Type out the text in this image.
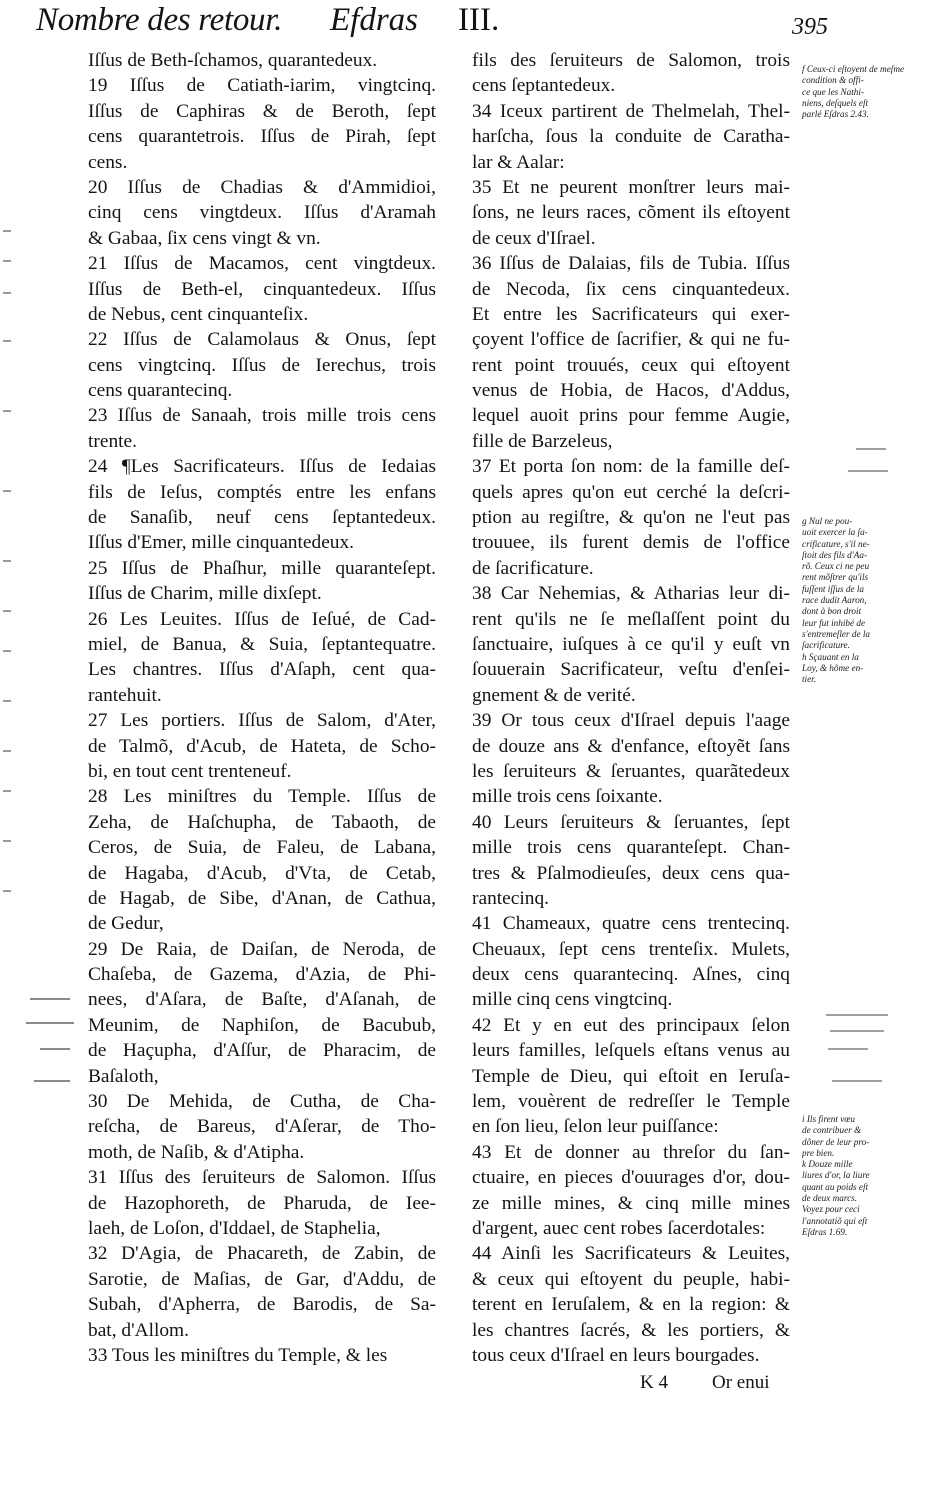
Nombre des retour. Efdras III.	395
Iſſus de Beth-ſchamos, quarantedeux.
19 Iſſus de Catiath-iarim, vingtcinq.
Iſſus de Caphiras & de Beroth, ſept
cens quarantetrois. Iſſus de Pirah, ſept
cens.
20 Iſſus de Chadias & d'Ammidioi,
cinq cens vingtdeux. Iſſus d'Aramah
& Gabaa, ſix cens vingt & vn.
21 Iſſus de Macamos, cent vingtdeux.
Iſſus de Beth-el, cinquantedeux. Iſſus
de Nebus, cent cinquanteſix.
22 Iſſus de Calamolaus & Onus, ſept
cens vingtcinq. Iſſus de Ierechus, trois
cens quarantecinq.
23 Iſſus de Sanaah, trois mille trois cens
trente.
24 ¶Les Sacrificateurs. Iſſus de Iedaias
fils de Ieſus, comptés entre les enfans
de Sanaſib, neuf cens ſeptantedeux.
Iſſus d'Emer, mille cinquantedeux.
25 Iſſus de Phaſhur, mille quaranteſept.
Iſſus de Charim, mille dixſept.
26 Les Leuites. Iſſus de Ieſué, de Cad-
miel, de Banua, & Suia, ſeptantequatre.
Les chantres. Iſſus d'Aſaph, cent qua-
rantehuit.
27 Les portiers. Iſſus de Salom, d'Ater,
de Talmõ, d'Acub, de Hateta, de Scho-
bi, en tout cent trenteneuf.
28 Les miniſtres du Temple. Iſſus de
Zeha, de Haſchupha, de Tabaoth, de
Ceros, de Suia, de Faleu, de Labana,
de Hagaba, d'Acub, d'Vta, de Cetab,
de Hagab, de Sibe, d'Anan, de Cathua,
de Gedur,
29 De Raia, de Daiſan, de Neroda, de
Chaſeba, de Gazema, d'Azia, de Phi-
nees, d'Aſara, de Baſte, d'Aſanah, de
Meunim, de Naphiſon, de Bacubub,
de Haçupha, d'Aſſur, de Pharacim, de
Baſaloth,
30 De Mehida, de Cutha, de Cha-
reſcha, de Bareus, d'Aſerar, de Tho-
moth, de Naſib, & d'Atipha.
31 Iſſus des ſeruiteurs de Salomon. Iſſus
de Hazophoreth, de Pharuda, de Iee-
laeh, de Loſon, d'Iddael, de Staphelia,
32 D'Agia, de Phacareth, de Zabin, de
Sarotie, de Maſias, de Gar, d'Addu, de
Subah, d'Apherra, de Barodis, de Sa-
bat, d'Allom.
33 Tous les miniſtres du Temple, & les
fils des ſeruiteurs de Salomon, trois
cens ſeptantedeux.
34 Iceux partirent de Thelmelah, Thel-
harſcha, ſous la conduite de Caratha-
lar & Aalar:
35 Et ne peurent monſtrer leurs mai-
ſons, ne leurs races, cõment ils eſtoyent
de ceux d'Iſrael.
36 Iſſus de Dalaias, fils de Tubia. Iſſus
de Necoda, ſix cens cinquantedeux.
Et entre les Sacrificateurs qui exer-
çoyent l'office de ſacrifier, & qui ne fu-
rent point trouués, ceux qui eſtoyent
venus de Hobia, de Hacos, d'Addus,
lequel auoit prins pour femme Augie,
fille de Barzeleus,
37 Et porta ſon nom: de la famille deſ-
quels apres qu'on eut cerché la deſcri-
ption au regiſtre, & qu'on ne l'eut pas
trouuee, ils furent demis de l'office
de ſacrificature.
38 Car Nehemias, & Atharias leur di-
rent qu'ils ne ſe meſlaſſent point du
ſanctuaire, iuſques à ce qu'il y euſt vn
ſouuerain Sacrificateur, veſtu d'enſei-
gnement & de verité.
39 Or tous ceux d'Iſrael depuis l'aage
de douze ans & d'enfance, eſtoyẽt ſans
les ſeruiteurs & ſeruantes, quarãtedeux
mille trois cens ſoixante.
40 Leurs ſeruiteurs & ſeruantes, ſept
mille trois cens quaranteſept. Chan-
tres & Pſalmodieuſes, deux cens qua-
rantecinq.
41 Chameaux, quatre cens trentecinq.
Cheuaux, ſept cens trenteſix. Mulets,
deux cens quarantecinq. Aſnes, cinq
mille cinq cens vingtcinq.
42 Et y en eut des principaux ſelon
leurs familles, leſquels eſtans venus au
Temple de Dieu, qui eſtoit en Ieruſa-
lem, vouèrent de redreſſer le Temple
en ſon lieu, ſelon leur puiſſance:
43 Et de donner au threſor du ſan-
ctuaire, en pieces d'ouurages d'or, dou-
ze mille mines, & cinq mille mines
d'argent, auec cent robes ſacerdotales:
44 Ainſi les Sacrificateurs & Leuites,
& ceux qui eſtoyent du peuple, habi-
terent en Ieruſalem, & en la region: &
les chantres ſacrés, & les portiers, &
tous ceux d'Iſrael en leurs bourgades.
f Ceux-ci eſtoyent de meſme
condition & offi-
ce que les Nathi-
niens, deſquels eſt
parlé Eſdras 2.43.
g Nul ne pou-
uoit exercer la ſa-
crificature, s'il ne-
ſtoit des fils d'Aa-
rõ. Ceux ci ne peu
rent mõſtrer qu'ils
fuſſent iſſus de la
race dudit Aaron,
dont à bon droit
leur fut inhibé de
s'entremeſler de la
ſacrificature.
h Sçauant en la
Loy, & hõme en-
tier.
i Ils firent vœu
de contribuer &
dõner de leur pro-
pre bien.
k Douze mille
liures d'or, la liure
quant au poids eſt
de deux marcs.
Voyez pour ceci
l'annotatiõ qui eſt
Eſdras 1.69.
K 4 Or enui
